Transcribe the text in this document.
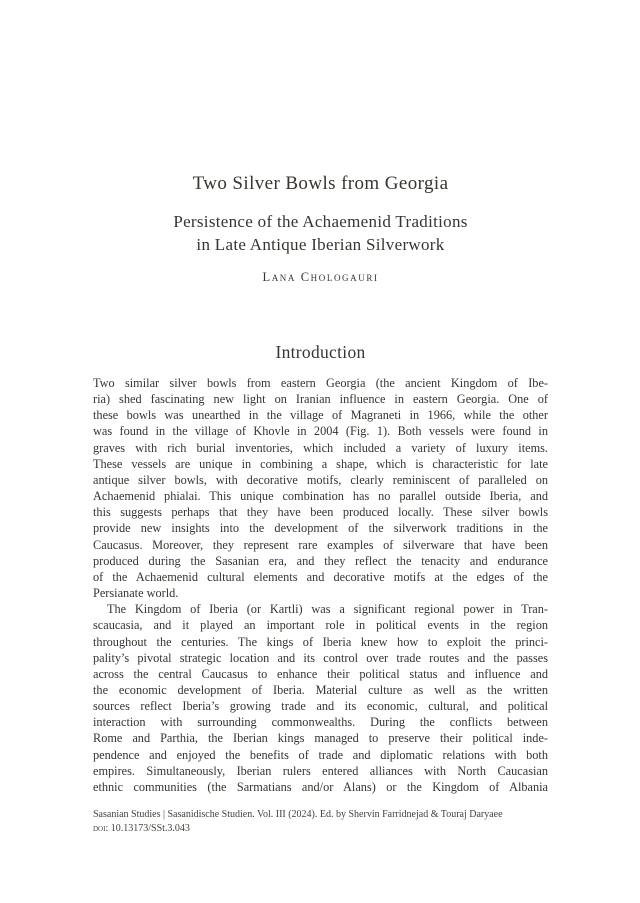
Two Silver Bowls from Georgia
Persistence of the Achaemenid Traditions
in Late Antique Iberian Silverwork
Lana Chologauri
Introduction
Two similar silver bowls from eastern Georgia (the ancient Kingdom of Ibe-
ria) shed fascinating new light on Iranian influence in eastern Georgia. One of
these bowls was unearthed in the village of Magraneti in 1966, while the other
was found in the village of Khovle in 2004 (Fig. 1). Both vessels were found in
graves with rich burial inventories, which included a variety of luxury items.
These vessels are unique in combining a shape, which is characteristic for late
antique silver bowls, with decorative motifs, clearly reminiscent of paralleled on
Achaemenid phialai. This unique combination has no parallel outside Iberia, and
this suggests perhaps that they have been produced locally. These silver bowls
provide new insights into the development of the silverwork traditions in the
Caucasus. Moreover, they represent rare examples of silverware that have been
produced during the Sasanian era, and they reflect the tenacity and endurance
of the Achaemenid cultural elements and decorative motifs at the edges of the
Persianate world.
The Kingdom of Iberia (or Kartli) was a significant regional power in Tran-
scaucasia, and it played an important role in political events in the region
throughout the centuries. The kings of Iberia knew how to exploit the princi-
pality’s pivotal strategic location and its control over trade routes and the passes
across the central Caucasus to enhance their political status and influence and
the economic development of Iberia. Material culture as well as the written
sources reflect Iberia’s growing trade and its economic, cultural, and political
interaction with surrounding commonwealths. During the conflicts between
Rome and Parthia, the Iberian kings managed to preserve their political inde-
pendence and enjoyed the benefits of trade and diplomatic relations with both
empires. Simultaneously, Iberian rulers entered alliances with North Caucasian
ethnic communities (the Sarmatians and/or Alans) or the Kingdom of Albania
Sasanian Studies | Sasanidische Studien. Vol. III (2024). Ed. by Shervin Farridnejad & Touraj Daryaee
doi: 10.13173/SSt.3.043
